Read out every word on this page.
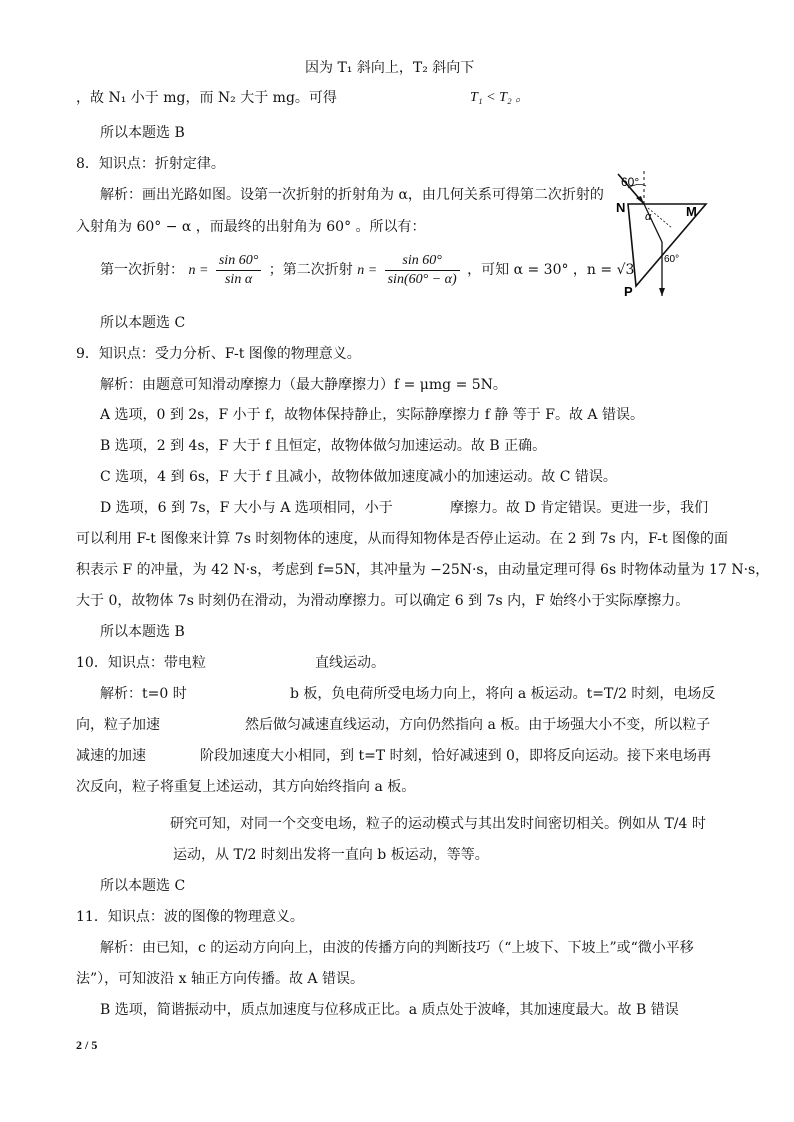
因为 T₁ 斜向上，T₂ 斜向下
，故 N₁ 小于 mg，而 N₂ 大于 mg。可得	T₁ < T₂ 。
所以本题选 B
8．知识点：折射定律。
解析：画出光路如图。设第一次折射的折射角为 α，由几何关系可得第二次折射的
入射角为 60° − α ，而最终的出射角为 60° 。所以有：
第一次折射： $n = \frac{\sin 60^\circ}{\text{sin α}}$ ；第二次折射 $n = \frac{\sin 60^\circ}{\sin(60^\circ - \alpha)}$ ，可知 α = 30° ，n = √3
60°
α
60°
N	M
P
所以本题选 C
9．知识点：受力分析、F-t 图像的物理意义。
解析：由题意可知滑动摩擦力（最大静摩擦力）f = μmg = 5N。
A 选项，0 到 2s，F 小于 f，故物体保持静止，实际静摩擦力 f 静 等于 F。故 A 错误。
B 选项，2 到 4s，F 大于 f 且恒定，故物体做匀加速运动。故 B 正确。
C 选项，4 到 6s，F 大于 f 且减小，故物体做加速度减小的加速运动。故 C 错误。
D 选项，6 到 7s，F 大小与 A 选项相同，小于	摩擦力。故 D 肯定错误。更进一步，我们
可以利用 F-t 图像来计算 7s 时刻物体的速度，从而得知物体是否停止运动。在 2 到 7s 内，F-t 图像的面
积表示 F 的冲量，为 42 N·s，考虑到 f=5N，其冲量为 −25N·s，由动量定理可得 6s 时物体动量为 17 N·s，
大于 0，故物体 7s 时刻仍在滑动，为滑动摩擦力。可以确定 6 到 7s 内，F 始终小于实际摩擦力。
所以本题选 B
10．知识点：带电粒	直线运动。
解析：t=0 时	b 板，负电荷所受电场力向上，将向 a 板运动。t=T/2 时刻，电场反
向，粒子加速	然后做匀减速直线运动，方向仍然指向 a 板。由于场强大小不变，所以粒子
减速的加速	阶段加速度大小相同，到 t=T 时刻，恰好减速到 0，即将反向运动。接下来电场再
次反向，粒子将重复上述运动，其方向始终指向 a 板。
研究可知，对同一个交变电场，粒子的运动模式与其出发时间密切相关。例如从 T/4 时
运动，从 T/2 时刻出发将一直向 b 板运动，等等。
所以本题选 C
11．知识点：波的图像的物理意义。
解析：由已知，c 的运动方向向上，由波的传播方向的判断技巧（“上坡下、下坡上”或“微小平移
法”），可知波沿 x 轴正方向传播。故 A 错误。
B 选项，简谐振动中，质点加速度与位移成正比。a 质点处于波峰，其加速度最大。故 B 错误
2 / 5
